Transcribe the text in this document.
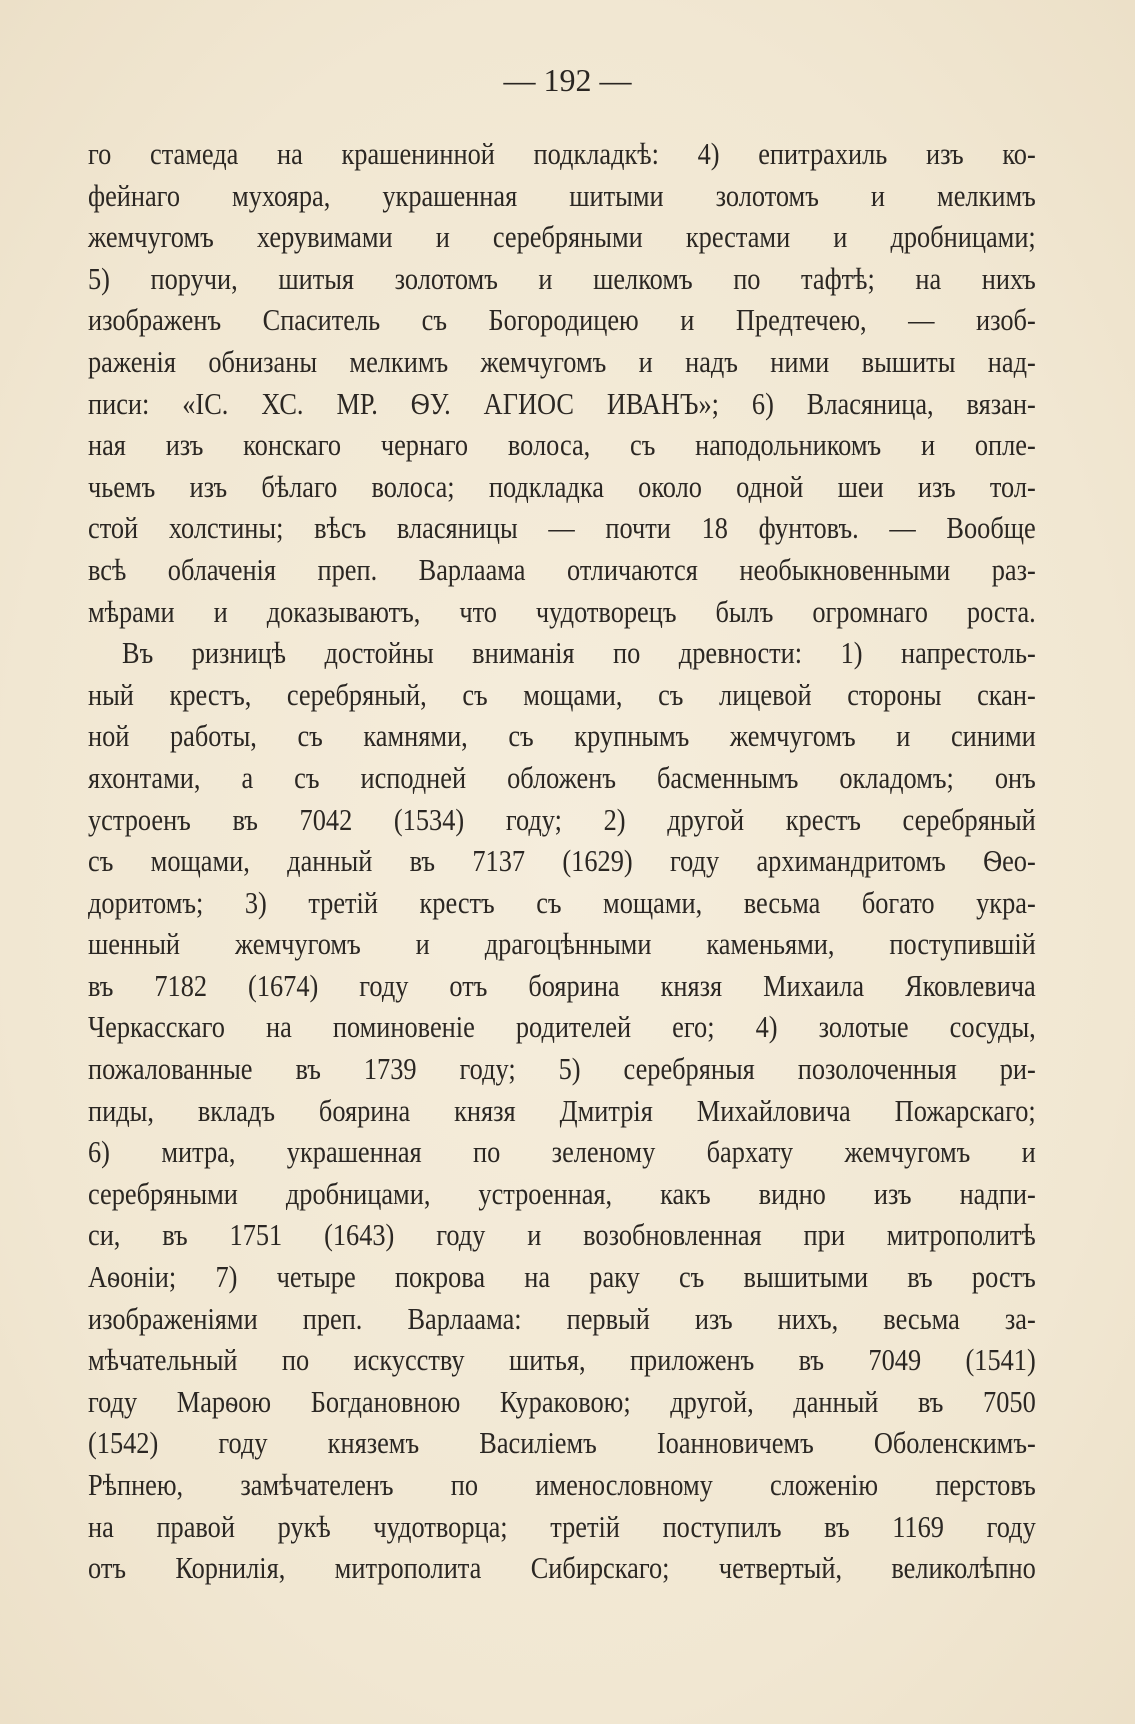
— 192 —
го стамеда на крашенинной подкладкѣ: 4) епитрахиль изъ ко-
фейнаго мухояра, украшенная шитыми золотомъ и мелкимъ
жемчугомъ херувимами и серебряными крестами и дробницами;
5) поручи, шитыя золотомъ и шелкомъ по тафтѣ; на нихъ
изображенъ Спаситель съ Богородицею и Предтечею, — изоб-
раженія обнизаны мелкимъ жемчугомъ и надъ ними вышиты над-
писи: «ІС. ХС. МР. ѲУ. АГИОС ИВАНЪ»; 6) Власяница, вязан-
ная изъ конскаго чернаго волоса, съ наподольникомъ и опле-
чьемъ изъ бѣлаго волоса; подкладка около одной шеи изъ тол-
стой холстины; вѣсъ власяницы — почти 18 фунтовъ. — Вообще
всѣ облаченія преп. Варлаама отличаются необыкновенными раз-
мѣрами и доказываютъ, что чудотворецъ былъ огромнаго роста.
Въ ризницѣ достойны вниманія по древности: 1) напрестоль-
ный крестъ, серебряный, съ мощами, съ лицевой стороны скан-
ной работы, съ камнями, съ крупнымъ жемчугомъ и синими
яхонтами, а съ исподней обложенъ басменнымъ окладомъ; онъ
устроенъ въ 7042 (1534) году; 2) другой крестъ серебряный
съ мощами, данный въ 7137 (1629) году архимандритомъ Ѳео-
доритомъ; 3) третій крестъ съ мощами, весьма богато укра-
шенный жемчугомъ и драгоцѣнными каменьями, поступившій
въ 7182 (1674) году отъ боярина князя Михаила Яковлевича
Черкасскаго на поминовеніе родителей его; 4) золотые сосуды,
пожалованные въ 1739 году; 5) серебряныя позолоченныя ри-
пиды, вкладъ боярина князя Дмитрія Михайловича Пожарскаго;
6) митра, украшенная по зеленому бархату жемчугомъ и
серебряными дробницами, устроенная, какъ видно изъ надпи-
си, въ 1751 (1643) году и возобновленная при митрополитѣ
Аѳоніи; 7) четыре покрова на раку съ вышитыми въ ростъ
изображеніями преп. Варлаама: первый изъ нихъ, весьма за-
мѣчательный по искусству шитья, приложенъ въ 7049 (1541)
году Марѳою Богдановною Кураковою; другой, данный въ 7050
(1542) году княземъ Василіемъ Іоанновичемъ Оболенскимъ-
Рѣпнею, замѣчателенъ по именословному сложенію перстовъ
на правой рукѣ чудотворца; третій поступилъ въ 1169 году
отъ Корнилія, митрополита Сибирскаго; четвертый, великолѣпно
